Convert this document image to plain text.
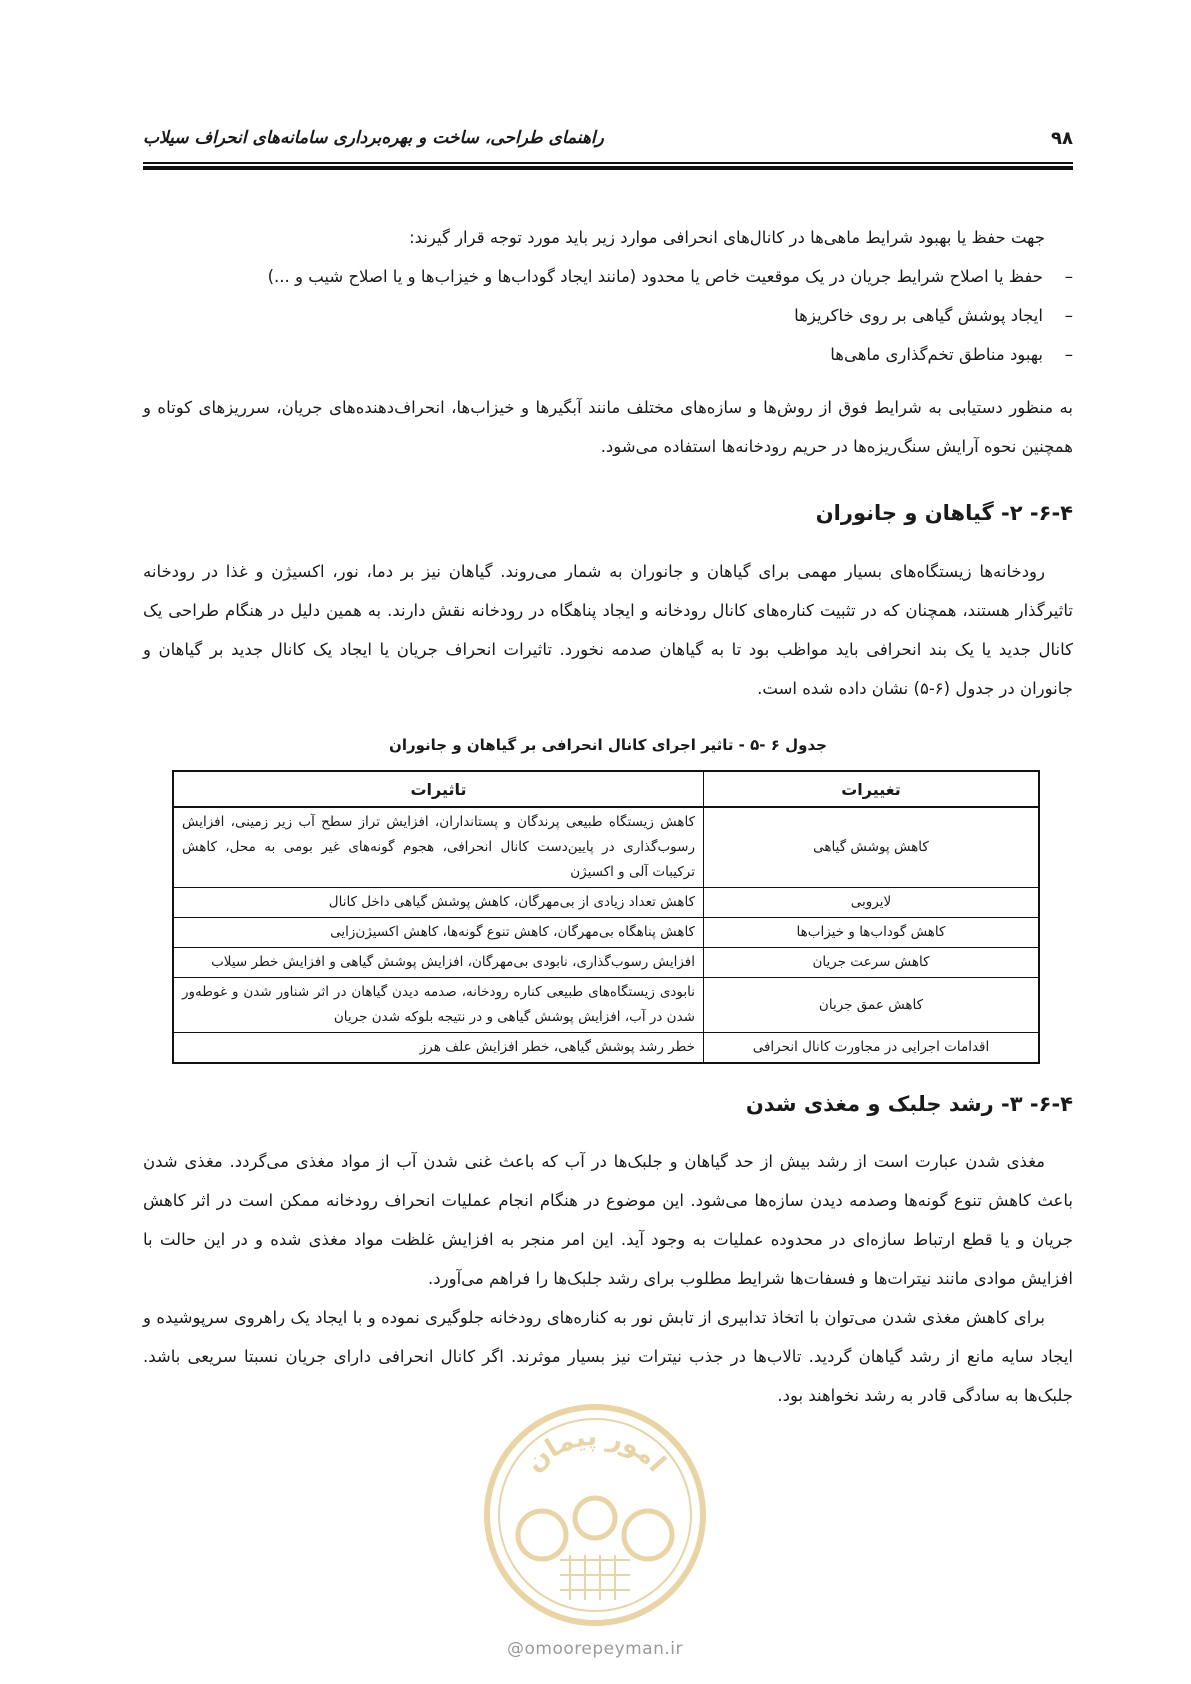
راهنمای طراحی، ساخت و بهره‌برداری سامانه‌های انحراف سیلاب	۹۸
جهت حفظ یا بهبود شرایط ماهی‌ها در کانال‌های انحرافی موارد زیر باید مورد توجه قرار گیرند:
–
حفظ یا اصلاح شرایط جریان در یک موقعیت خاص یا محدود (مانند ایجاد گوداب‌ها و خیزاب‌ها و یا اصلاح شیب و ...)
–
ایجاد پوشش گیاهی بر روی خاکریزها
–
بهبود مناطق تخم‌گذاری ماهی‌ها
به منظور دستیابی به شرایط فوق از روش‌ها و سازه‌های مختلف مانند آبگیرها و خیزاب‌ها، انحراف‌دهنده‌های جریان، سرریزهای کوتاه و همچنین نحوه آرایش سنگ‌ریزه‌ها در حریم رودخانه‌ها استفاده می‌شود.
۶-۴- ۲- گیاهان و جانوران
رودخانه‌ها زیستگاه‌های بسیار مهمی برای گیاهان و جانوران به شمار می‌روند. گیاهان نیز بر دما، نور، اکسیژن و غذا در رودخانه تاثیرگذار هستند، همچنان که در تثبیت کناره‌های کانال رودخانه و ایجاد پناهگاه در رودخانه نقش دارند. به همین دلیل در هنگام طراحی یک کانال جدید یا یک بند انحرافی باید مواظب بود تا به گیاهان صدمه نخورد. تاثیرات انحراف جریان یا ایجاد یک کانال جدید بر گیاهان و جانوران در جدول (۶-۵) نشان داده شده است.
جدول ۶ -۵ - تاثیر اجرای کانال انحرافی بر گیاهان و جانوران
تغییرات	تاثیرات
کاهش پوشش گیاهی	کاهش زیستگاه طبیعی پرندگان و پستانداران، افزایش تراز سطح آب زیر زمینی، افزایش رسوب‌گذاری در پایین‌دست کانال انحرافی، هجوم گونه‌های غیر بومی به محل، کاهش ترکیبات آلی و اکسیژن
لایروبی	کاهش تعداد زیادی از بی‌مهرگان، کاهش پوشش گیاهی داخل کانال
کاهش گوداب‌ها و خیزاب‌ها	کاهش پناهگاه بی‌مهرگان، کاهش تنوع گونه‌ها، کاهش اکسیژن‌زایی
کاهش سرعت جریان	افزایش رسوب‌گذاری، نابودی بی‌مهرگان، افزایش پوشش گیاهی و افزایش خطر سیلاب
کاهش عمق جریان	نابودی زیستگاه‌های طبیعی کناره رودخانه، صدمه دیدن گیاهان در اثر شناور شدن و غوطه‌ور شدن در آب، افزایش پوشش گیاهی و در نتیجه بلوکه شدن جریان
اقدامات اجرایی در مجاورت کانال انحرافی	خطر رشد پوشش گیاهی، خطر افزایش علف هرز
۶-۴- ۳- رشد جلبک و مغذی شدن
مغذی شدن عبارت است از رشد بیش از حد گیاهان و جلبک‌ها در آب که باعث غنی شدن آب از مواد مغذی می‌گردد. مغذی شدن باعث کاهش تنوع گونه‌ها وصدمه دیدن سازه‌ها می‌شود. این موضوع در هنگام انجام عملیات انحراف رودخانه ممکن است در اثر کاهش جریان و یا قطع ارتباط سازه‌ای در محدوده عملیات به وجود آید. این امر منجر به افزایش غلظت مواد مغذی شده و در این حالت با افزایش موادی مانند نیترات‌ها و فسفات‌ها شرایط مطلوب برای رشد جلبک‌ها را فراهم می‌آورد.
برای کاهش مغذی شدن می‌توان با اتخاذ تدابیری از تابش نور به کناره‌های رودخانه جلوگیری نموده و با ایجاد یک راهروی سرپوشیده و ایجاد سایه مانع از رشد گیاهان گردید. تالاب‌ها در جذب نیترات نیز بسیار موثرند. اگر کانال انحرافی دارای جریان نسبتا سریعی باشد. جلبک‌ها به سادگی قادر به رشد نخواهند بود.
امور پیمان
@omoorepeyman.ir
